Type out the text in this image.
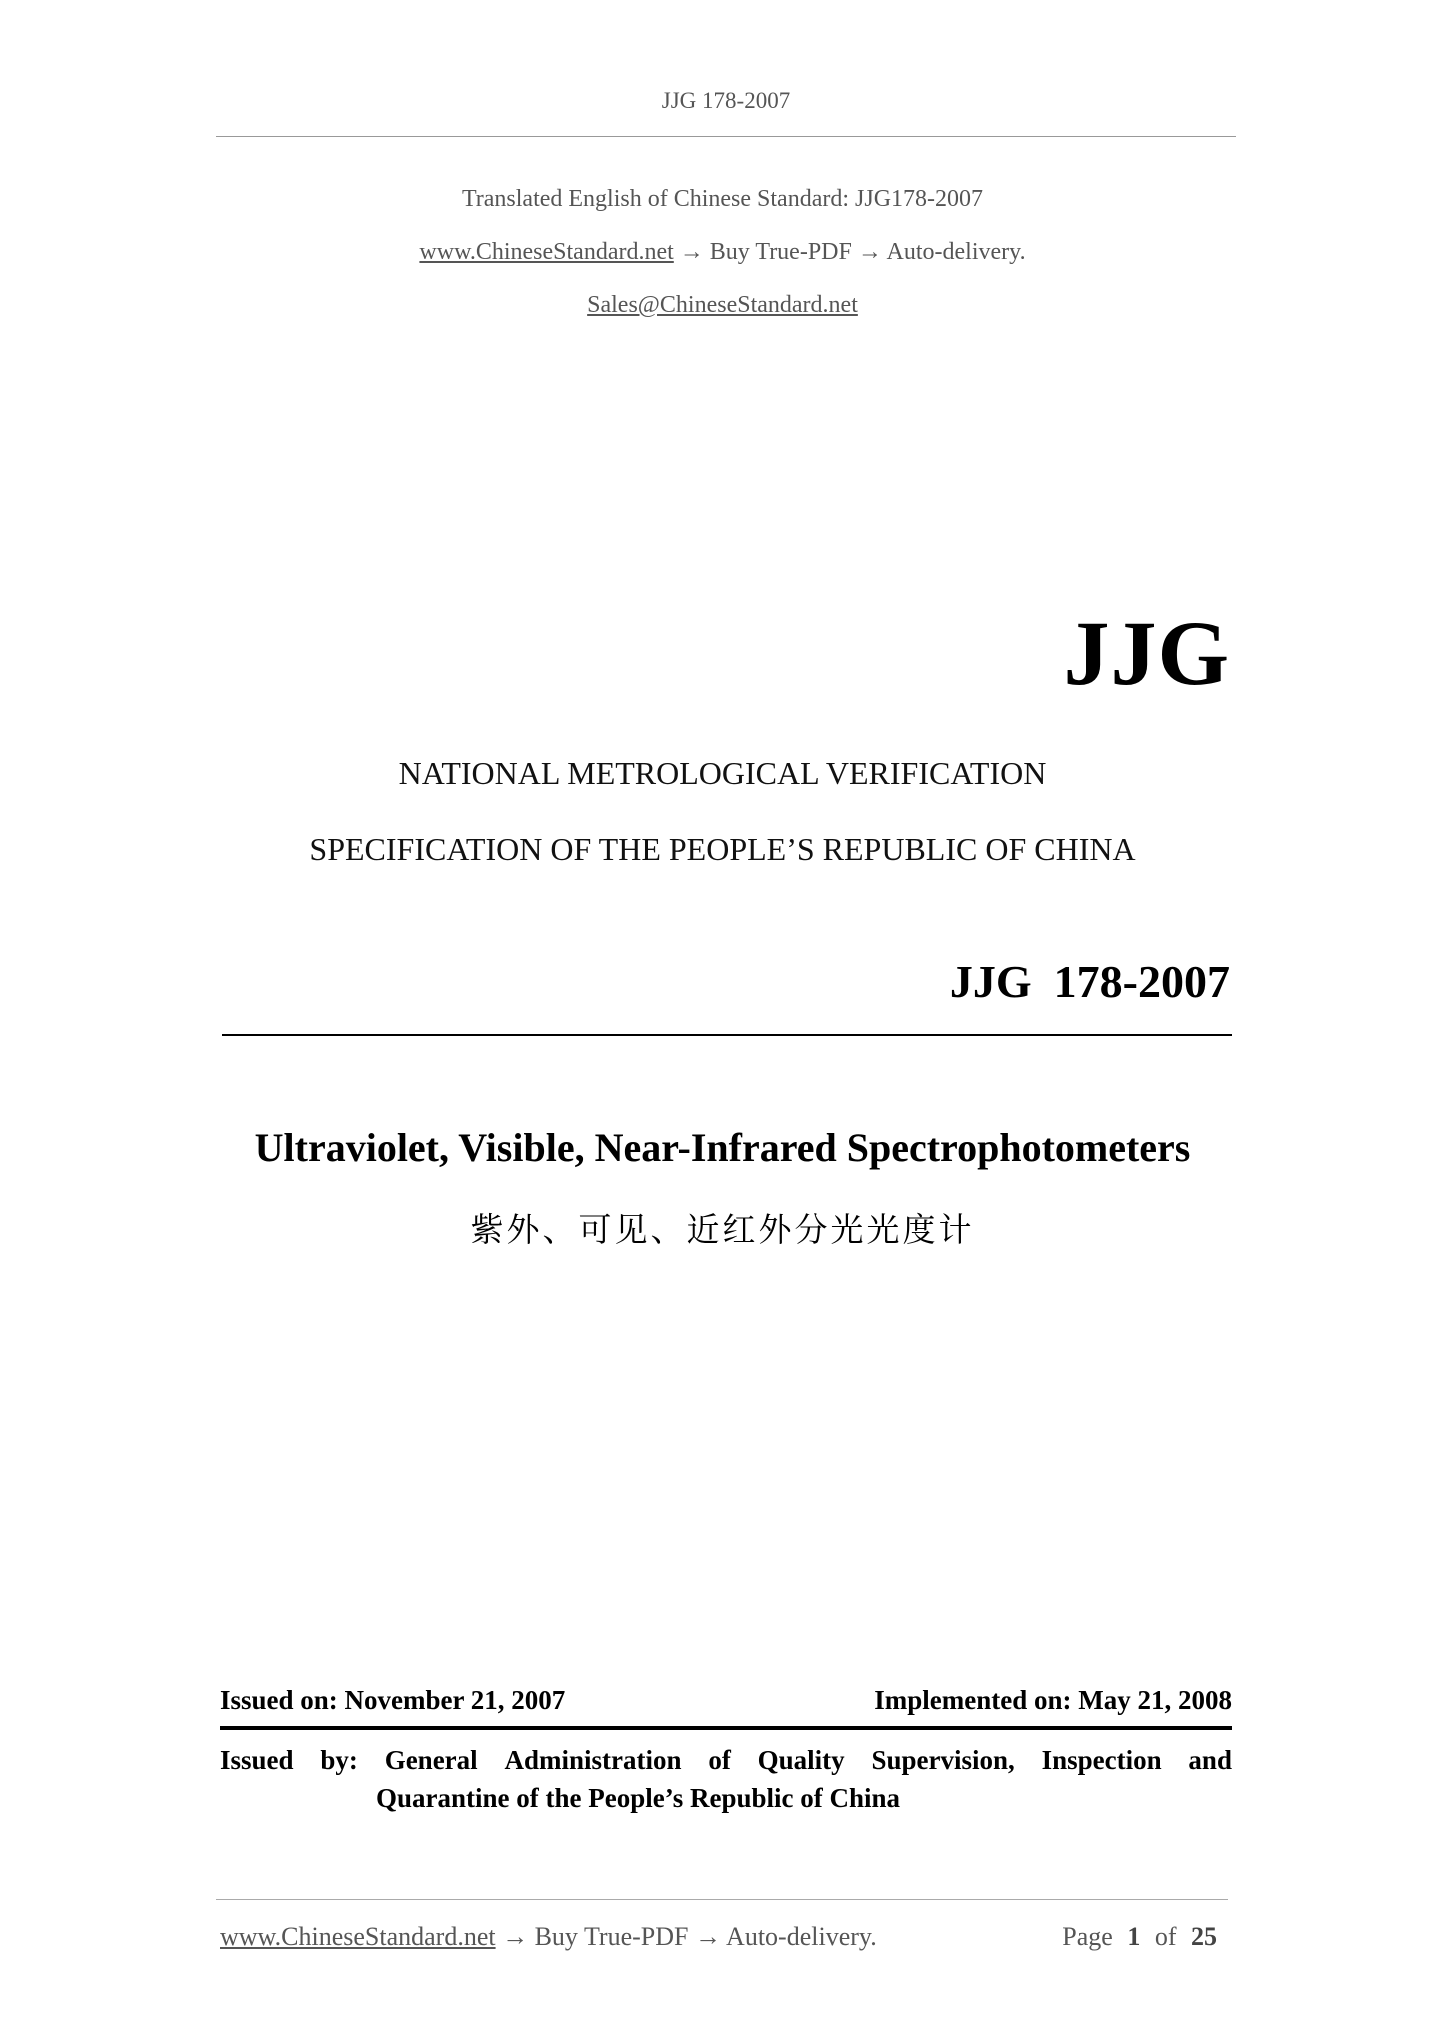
JJG 178-2007
Translated English of Chinese Standard: JJG178-2007
www.ChineseStandard.net → Buy True-PDF → Auto-delivery.
Sales@ChineseStandard.net
JJG
NATIONAL METROLOGICAL VERIFICATION
SPECIFICATION OF THE PEOPLE’S REPUBLIC OF CHINA
JJG 178-2007
Ultraviolet, Visible, Near-Infrared Spectrophotometers
紫外、可见、近红外分光光度计
Issued on: November 21, 2007	Implemented on: May 21, 2008
Issued by: General Administration of Quality Supervision, Inspection and
Quarantine of the People’s Republic of China
www.ChineseStandard.net → Buy True-PDF → Auto-delivery.	Page 1 of 25
